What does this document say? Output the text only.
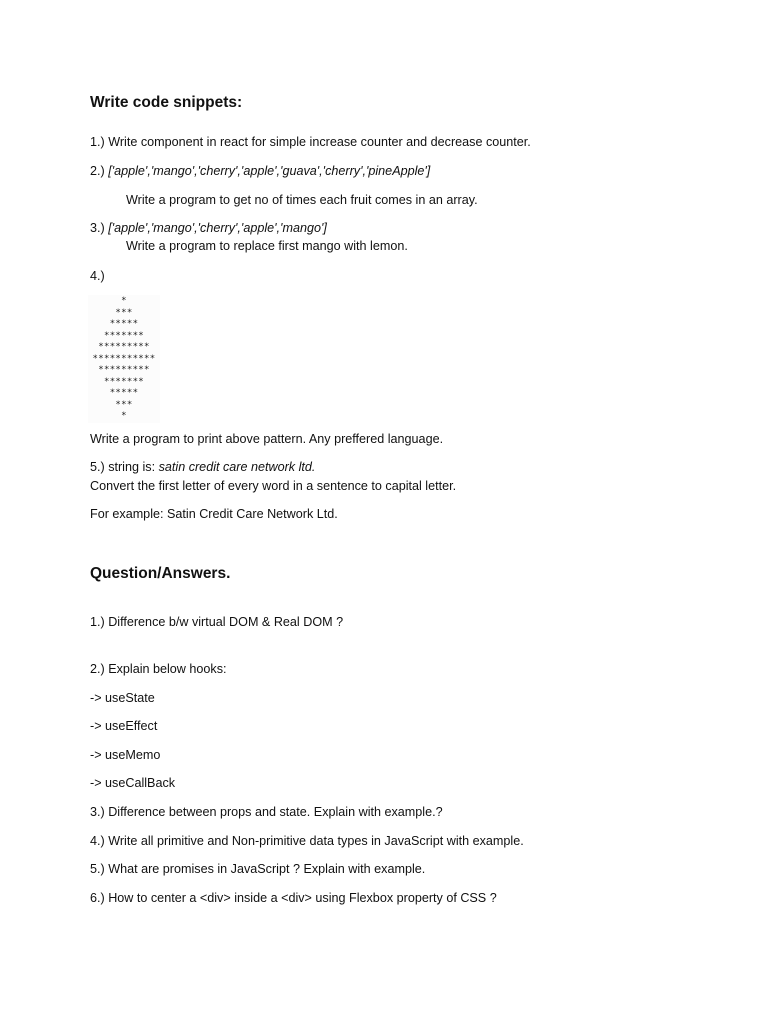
Write code snippets:
1.) Write component in react for simple increase counter and decrease counter.
2.) ['apple','mango','cherry','apple','guava','cherry','pineApple']
Write a program to get no of times each fruit comes in an array.
3.) ['apple','mango','cherry','apple','mango']
Write a program to replace first mango with lemon.
4.)
*
***
*****
*******
*********
***********
*********
*******
*****
***
*
Write a program to print above pattern. Any preffered language.
5.) string is: satin credit care network ltd.
Convert the first letter of every word in a sentence to capital letter.
For example: Satin Credit Care Network Ltd.
Question/Answers.
1.) Difference b/w virtual DOM & Real DOM ?
2.) Explain below hooks:
-> useState
-> useEffect
-> useMemo
-> useCallBack
3.) Difference between props and state. Explain with example.?
4.) Write all primitive and Non-primitive data types in JavaScript with example.
5.) What are promises in JavaScript ? Explain with example.
6.) How to center a <div> inside a <div> using Flexbox property of CSS ?
